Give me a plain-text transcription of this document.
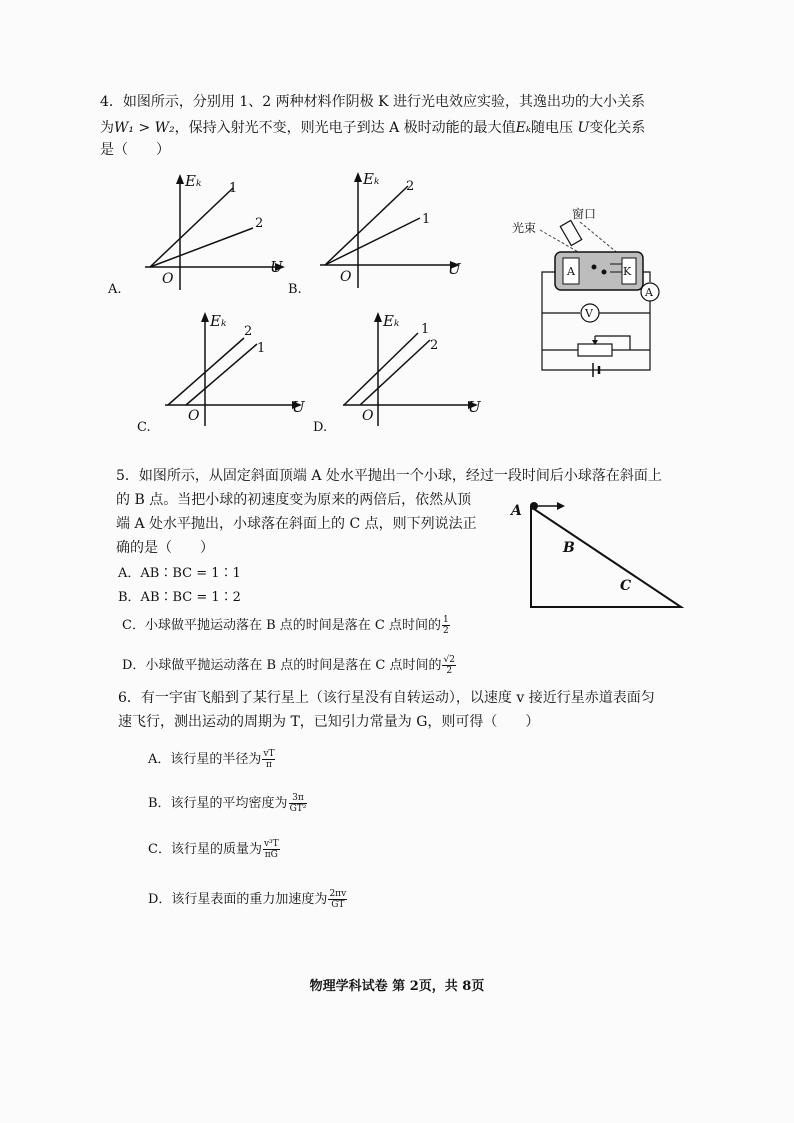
4．如图所示，分别用 1、2 两种材料作阴极 K 进行光电效应实验，其逸出功的大小关系
为W₁ > W₂，保持入射光不变，则光电子到达 A 极时动能的最大值Eₖ随电压 U变化关系
是（　　）
Eₖ
O
U
1
2
A.
Eₖ
O	U
2
1
B.
Eₖ
O	U
2
1
C.
Eₖ
O	U
1
2
D.
光束
窗口
A	K
A
V
5．如图所示，从固定斜面顶端 A 处水平抛出一个小球，经过一段时间后小球落在斜面上
的 B 点。当把小球的初速度变为原来的两倍后，依然从顶
端 A 处水平抛出，小球落在斜面上的 C 点，则下列说法正
确的是（　　）
A．AB∶BC = 1∶1
B．AB∶BC = 1∶2
C．小球做平抛运动落在 B 点的时间是落在 C 点时间的 $\frac{1}{2}$
D．小球做平抛运动落在 B 点的时间是落在 C 点时间的 $\frac{√2}{2}$
A
B
C
6．有一宇宙飞船到了某行星上（该行星没有自转运动），以速度 v 接近行星赤道表面匀
速飞行，测出运动的周期为 T，已知引力常量为 G，则可得（　　）
A．该行星的半径为 $\frac{vT}{\pi}$
B．该行星的平均密度为 $\frac{3\pi}{\text{GT²}}$
C．该行星的质量为 $\frac{\text{v³T}}{\pi G}$
D．该行星表面的重力加速度为 $\frac{2\pi v}{GT}$
物理学科试卷 第 2页，共 8页
